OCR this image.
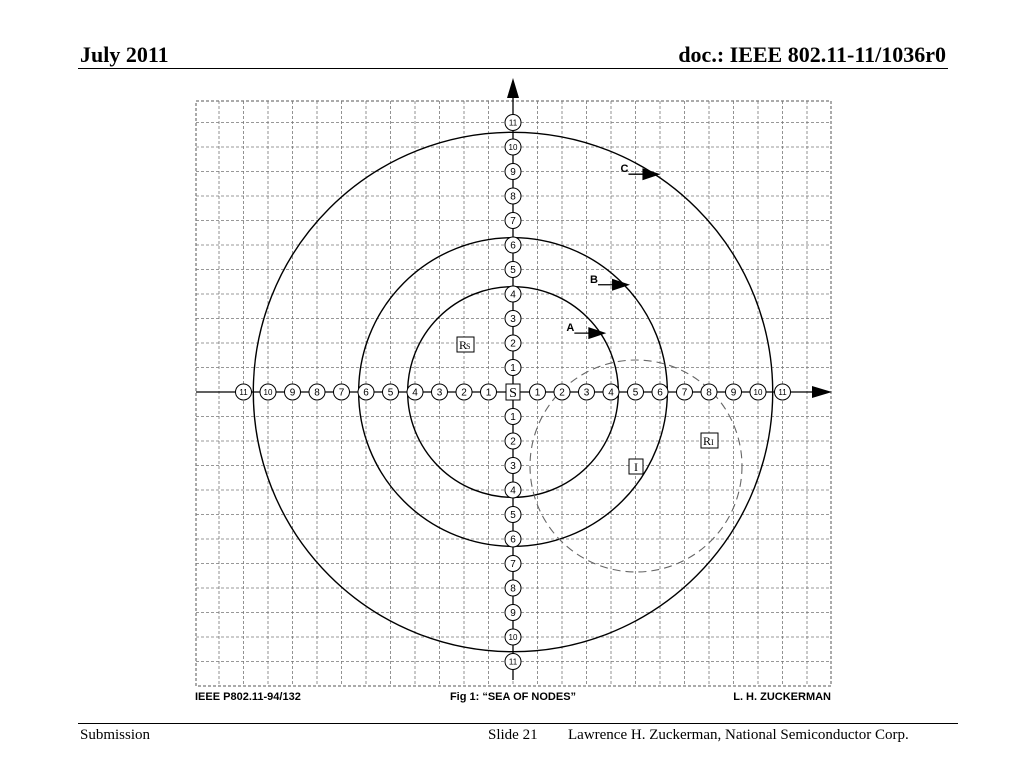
July 2011	doc.: IEEE 802.11-11/1036r0
A
B
C
1
1
1
1
2
2
2
2
3
3
3
3
4
4
4
4
5
5
5
5
6
6
6
6
7
7
7
7
8
8
8
8
9
9
9
9
10
10
10
10
11
11
11
11
S
R
S
R I
I
IEEE P802.11-94/132	Fig 1: “SEA OF NODES”	L. H. ZUCKERMAN
Submission	Slide 21 Lawrence H. Zuckerman, National Semiconductor Corp.
